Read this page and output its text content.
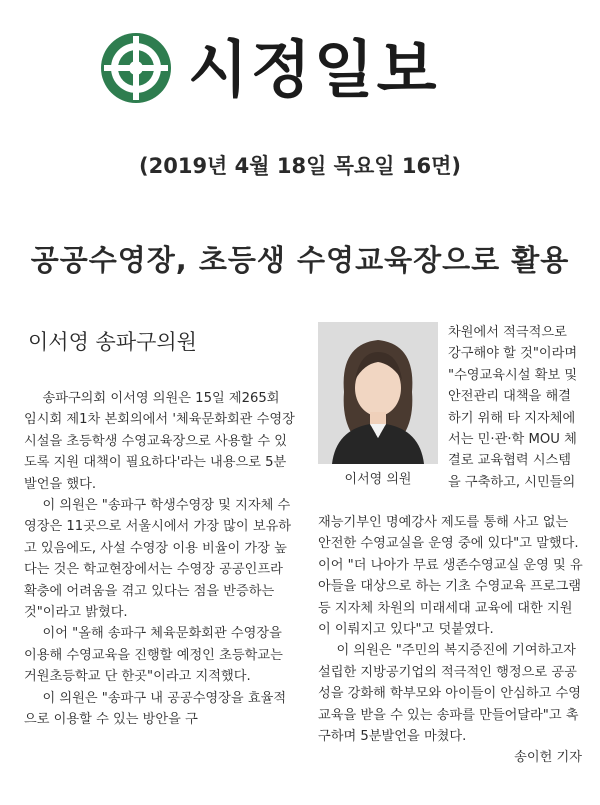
시정일보
(2019년 4월 18일 목요일 16면)
공공수영장, 초등생 수영교육장으로 활용
이서영 송파구의원

송파구의회 이서영 의원은 15일 제265회 임시회 제1차 본회의에서 '체육문화회관 수영장 시설을 초등학생 수영교육장으로 사용할 수 있도록 지원 대책이 필요하다'라는 내용으로 5분발언을 했다.

이 의원은 "송파구 학생수영장 및 지자체 수영장은 11곳으로 서울시에서 가장 많이 보유하고 있음에도, 사설 수영장 이용 비율이 가장 높다는 것은 학교현장에서는 수영장 공공인프라 확충에 어려움을 겪고 있다는 점을 반증하는 것"이라고 밝혔다.

이어 "올해 송파구 체육문화회관 수영장을 이용해 수영교육을 진행할 예정인 초등학교는 거원초등학교 단 한곳"이라고 지적했다.

이 의원은 "송파구 내 공공수영장을 효율적으로 이용할 수 있는 방안을 구

이서영 의원

차원에서 적극적으로 강구해야 할 것"이라며 "수영교육시설 확보 및 안전관리 대책을 해결하기 위해 타 지자체에서는 민·관·학 MOU 체결로 교육협력 시스템을 구축하고, 시민들의

재능기부인 명예강사 제도를 통해 사고 없는 안전한 수영교실을 운영 중에 있다"고 말했다. 이어 "더 나아가 무료 생존수영교실 운영 및 유아들을 대상으로 하는 기초 수영교육 프로그램 등 지자체 차원의 미래세대 교육에 대한 지원이 이뤄지고 있다"고 덧붙였다.

이 의원은 "주민의 복지증진에 기여하고자 설립한 지방공기업의 적극적인 행정으로 공공성을 강화해 학부모와 아이들이 안심하고 수영교육을 받을 수 있는 송파를 만들어달라"고 촉구하며 5분발언을 마쳤다.

송이헌 기자
